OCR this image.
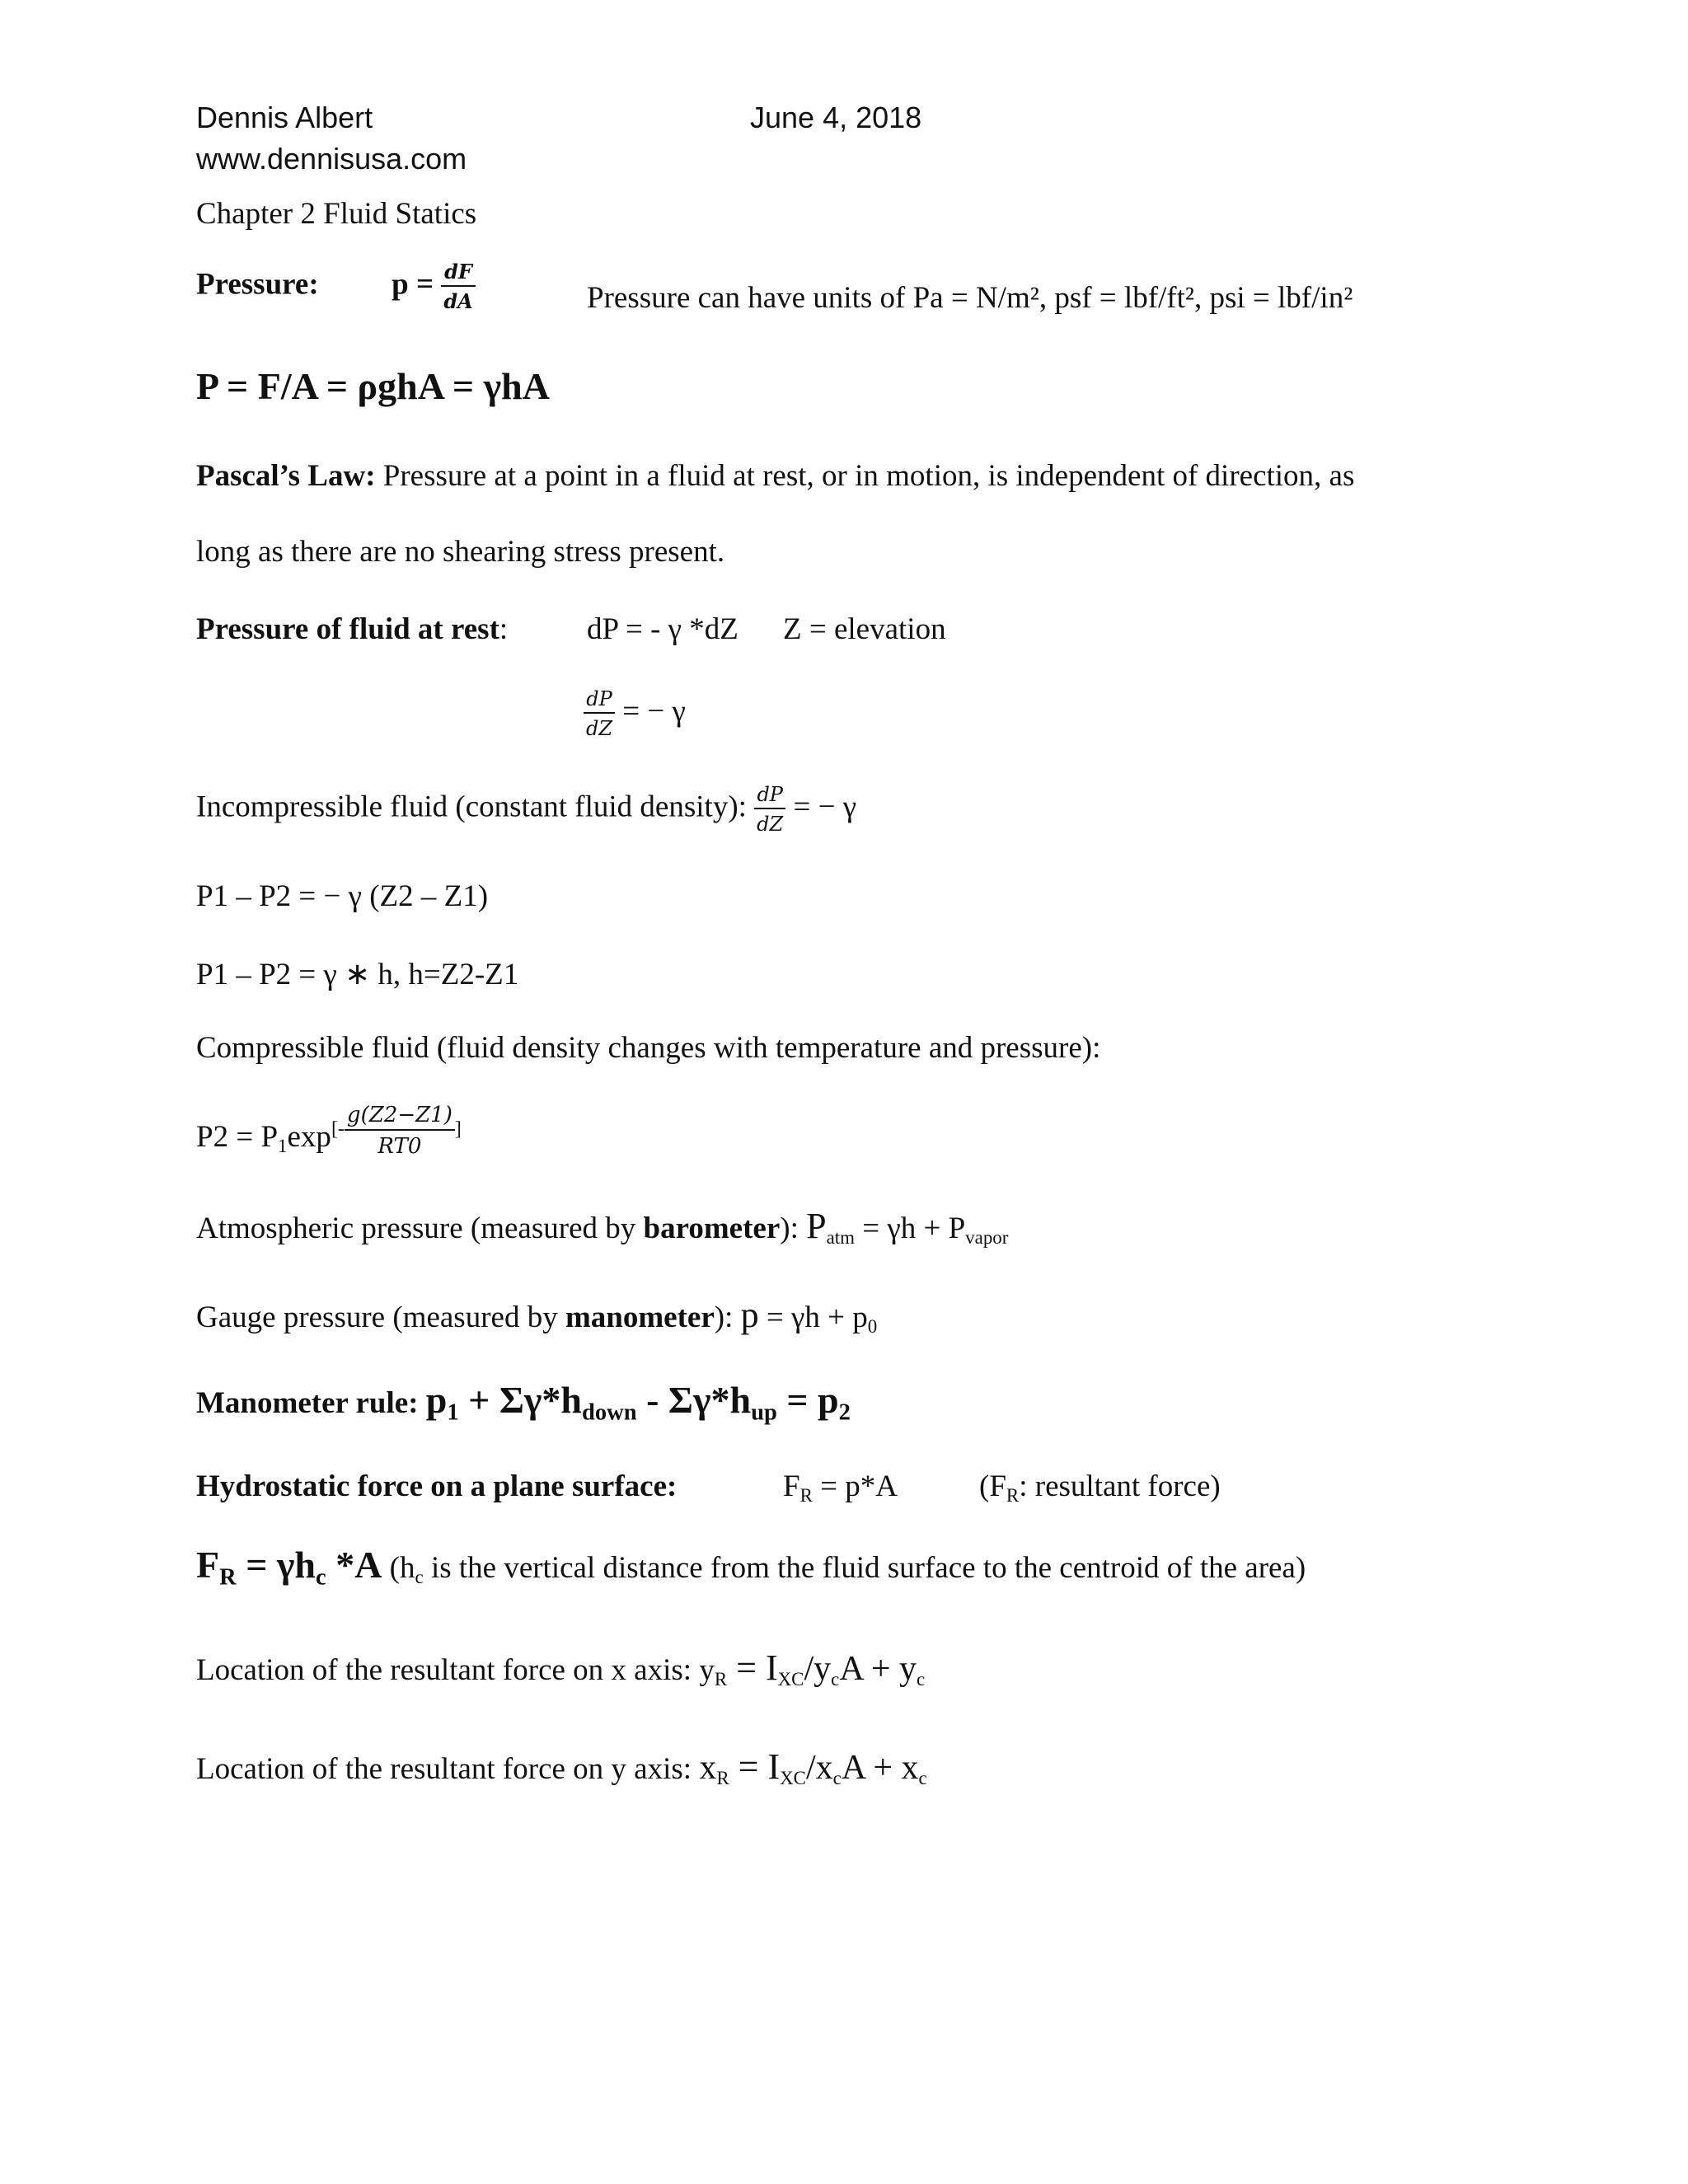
Dennis Albert	June 4, 2018
www.dennisusa.com
Chapter 2 Fluid Statics
Pressure: $p = \frac{dF}{dA}$	Pressure can have units of Pa = N/m², psf = lbf/ft², psi = lbf/in²
P = F/A = ρghA = γhA
Pascal’s Law: Pressure at a point in a fluid at rest, or in motion, is independent of direction, as
long as there are no shearing stress present.
Pressure of fluid at rest:	dP = - γ *dZ Z = elevation
$\frac{dP}{dZ}$ = − γ
Incompressible fluid (constant fluid density): $\frac{dP}{dZ}$ = − γ
P1 – P2 = − γ (Z2 – Z1)
P1 – P2 = γ ∗ h, h=Z2-Z1
Compressible fluid (fluid density changes with temperature and pressure):
$P2 = P_1\exp[- g(Z2-Z1) RT0 ]$
Atmospheric pressure (measured by barometer): $P_{atm} = \gamma h + P_{vapor}$
Gauge pressure (measured by manometer): $p = \gamma h + p_0$
Manometer rule: $p_1 + \Sigma\gamma*h_{down} - \Sigma\gamma*h_{up} = p_2$
Hydrostatic force on a plane surface:	$F_R = p*A$	($F_R$: resultant force)
$F_R = \gamma h_c$ *A ($h_c$ is the vertical distance from the fluid surface to the centroid of the area)
Location of the resultant force on x axis: $y_R = I_{XC}/y_cA + y_c$
Location of the resultant force on y axis: $x_R = I_{XC}/x_cA + x_c$
